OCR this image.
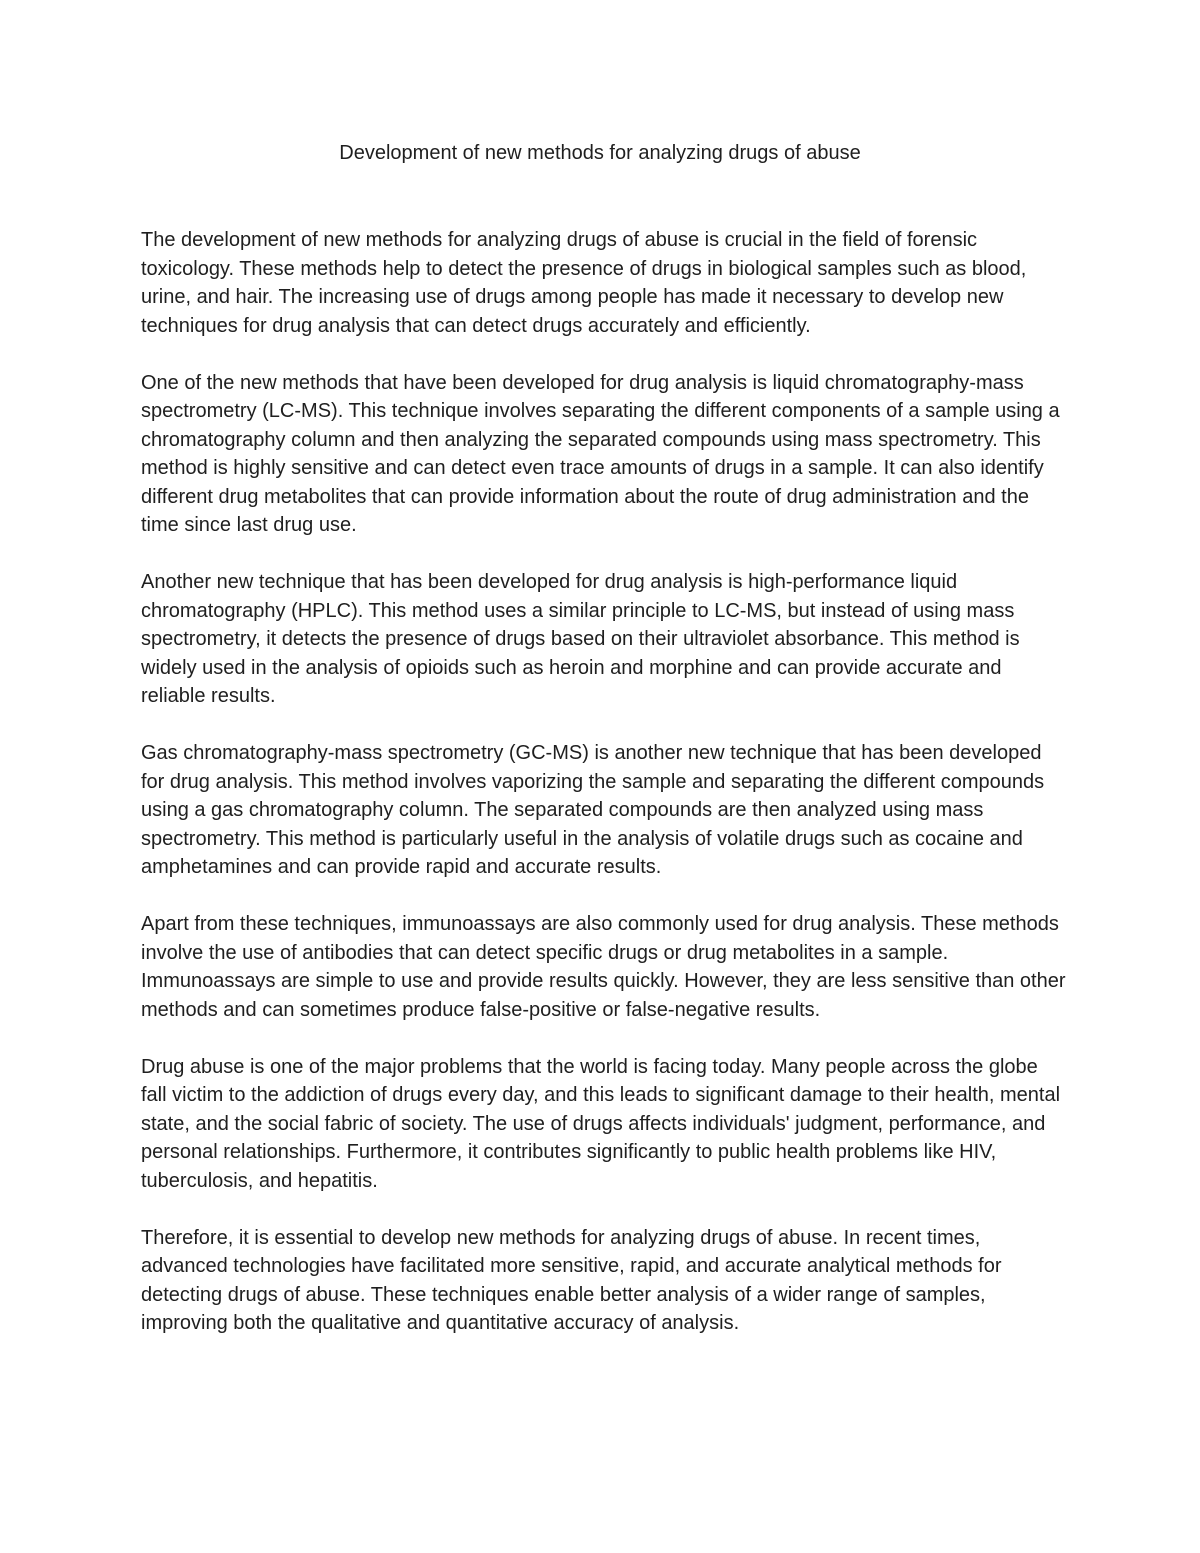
Development of new methods for analyzing drugs of abuse

The development of new methods for analyzing drugs of abuse is crucial in the field of forensic toxicology. These methods help to detect the presence of drugs in biological samples such as blood, urine, and hair. The increasing use of drugs among people has made it necessary to develop new techniques for drug analysis that can detect drugs accurately and efficiently.

One of the new methods that have been developed for drug analysis is liquid chromatography-mass spectrometry (LC-MS). This technique involves separating the different components of a sample using a chromatography column and then analyzing the separated compounds using mass spectrometry. This method is highly sensitive and can detect even trace amounts of drugs in a sample. It can also identify different drug metabolites that can provide information about the route of drug administration and the time since last drug use.

Another new technique that has been developed for drug analysis is high-performance liquid chromatography (HPLC). This method uses a similar principle to LC-MS, but instead of using mass spectrometry, it detects the presence of drugs based on their ultraviolet absorbance. This method is widely used in the analysis of opioids such as heroin and morphine and can provide accurate and reliable results.

Gas chromatography-mass spectrometry (GC-MS) is another new technique that has been developed for drug analysis. This method involves vaporizing the sample and separating the different compounds using a gas chromatography column. The separated compounds are then analyzed using mass spectrometry. This method is particularly useful in the analysis of volatile drugs such as cocaine and amphetamines and can provide rapid and accurate results.

Apart from these techniques, immunoassays are also commonly used for drug analysis. These methods involve the use of antibodies that can detect specific drugs or drug metabolites in a sample. Immunoassays are simple to use and provide results quickly. However, they are less sensitive than other methods and can sometimes produce false-positive or false-negative results.

Drug abuse is one of the major problems that the world is facing today. Many people across the globe fall victim to the addiction of drugs every day, and this leads to significant damage to their health, mental state, and the social fabric of society. The use of drugs affects individuals' judgment, performance, and personal relationships. Furthermore, it contributes significantly to public health problems like HIV, tuberculosis, and hepatitis.

Therefore, it is essential to develop new methods for analyzing drugs of abuse. In recent times, advanced technologies have facilitated more sensitive, rapid, and accurate analytical methods for detecting drugs of abuse. These techniques enable better analysis of a wider range of samples, improving both the qualitative and quantitative accuracy of analysis.
